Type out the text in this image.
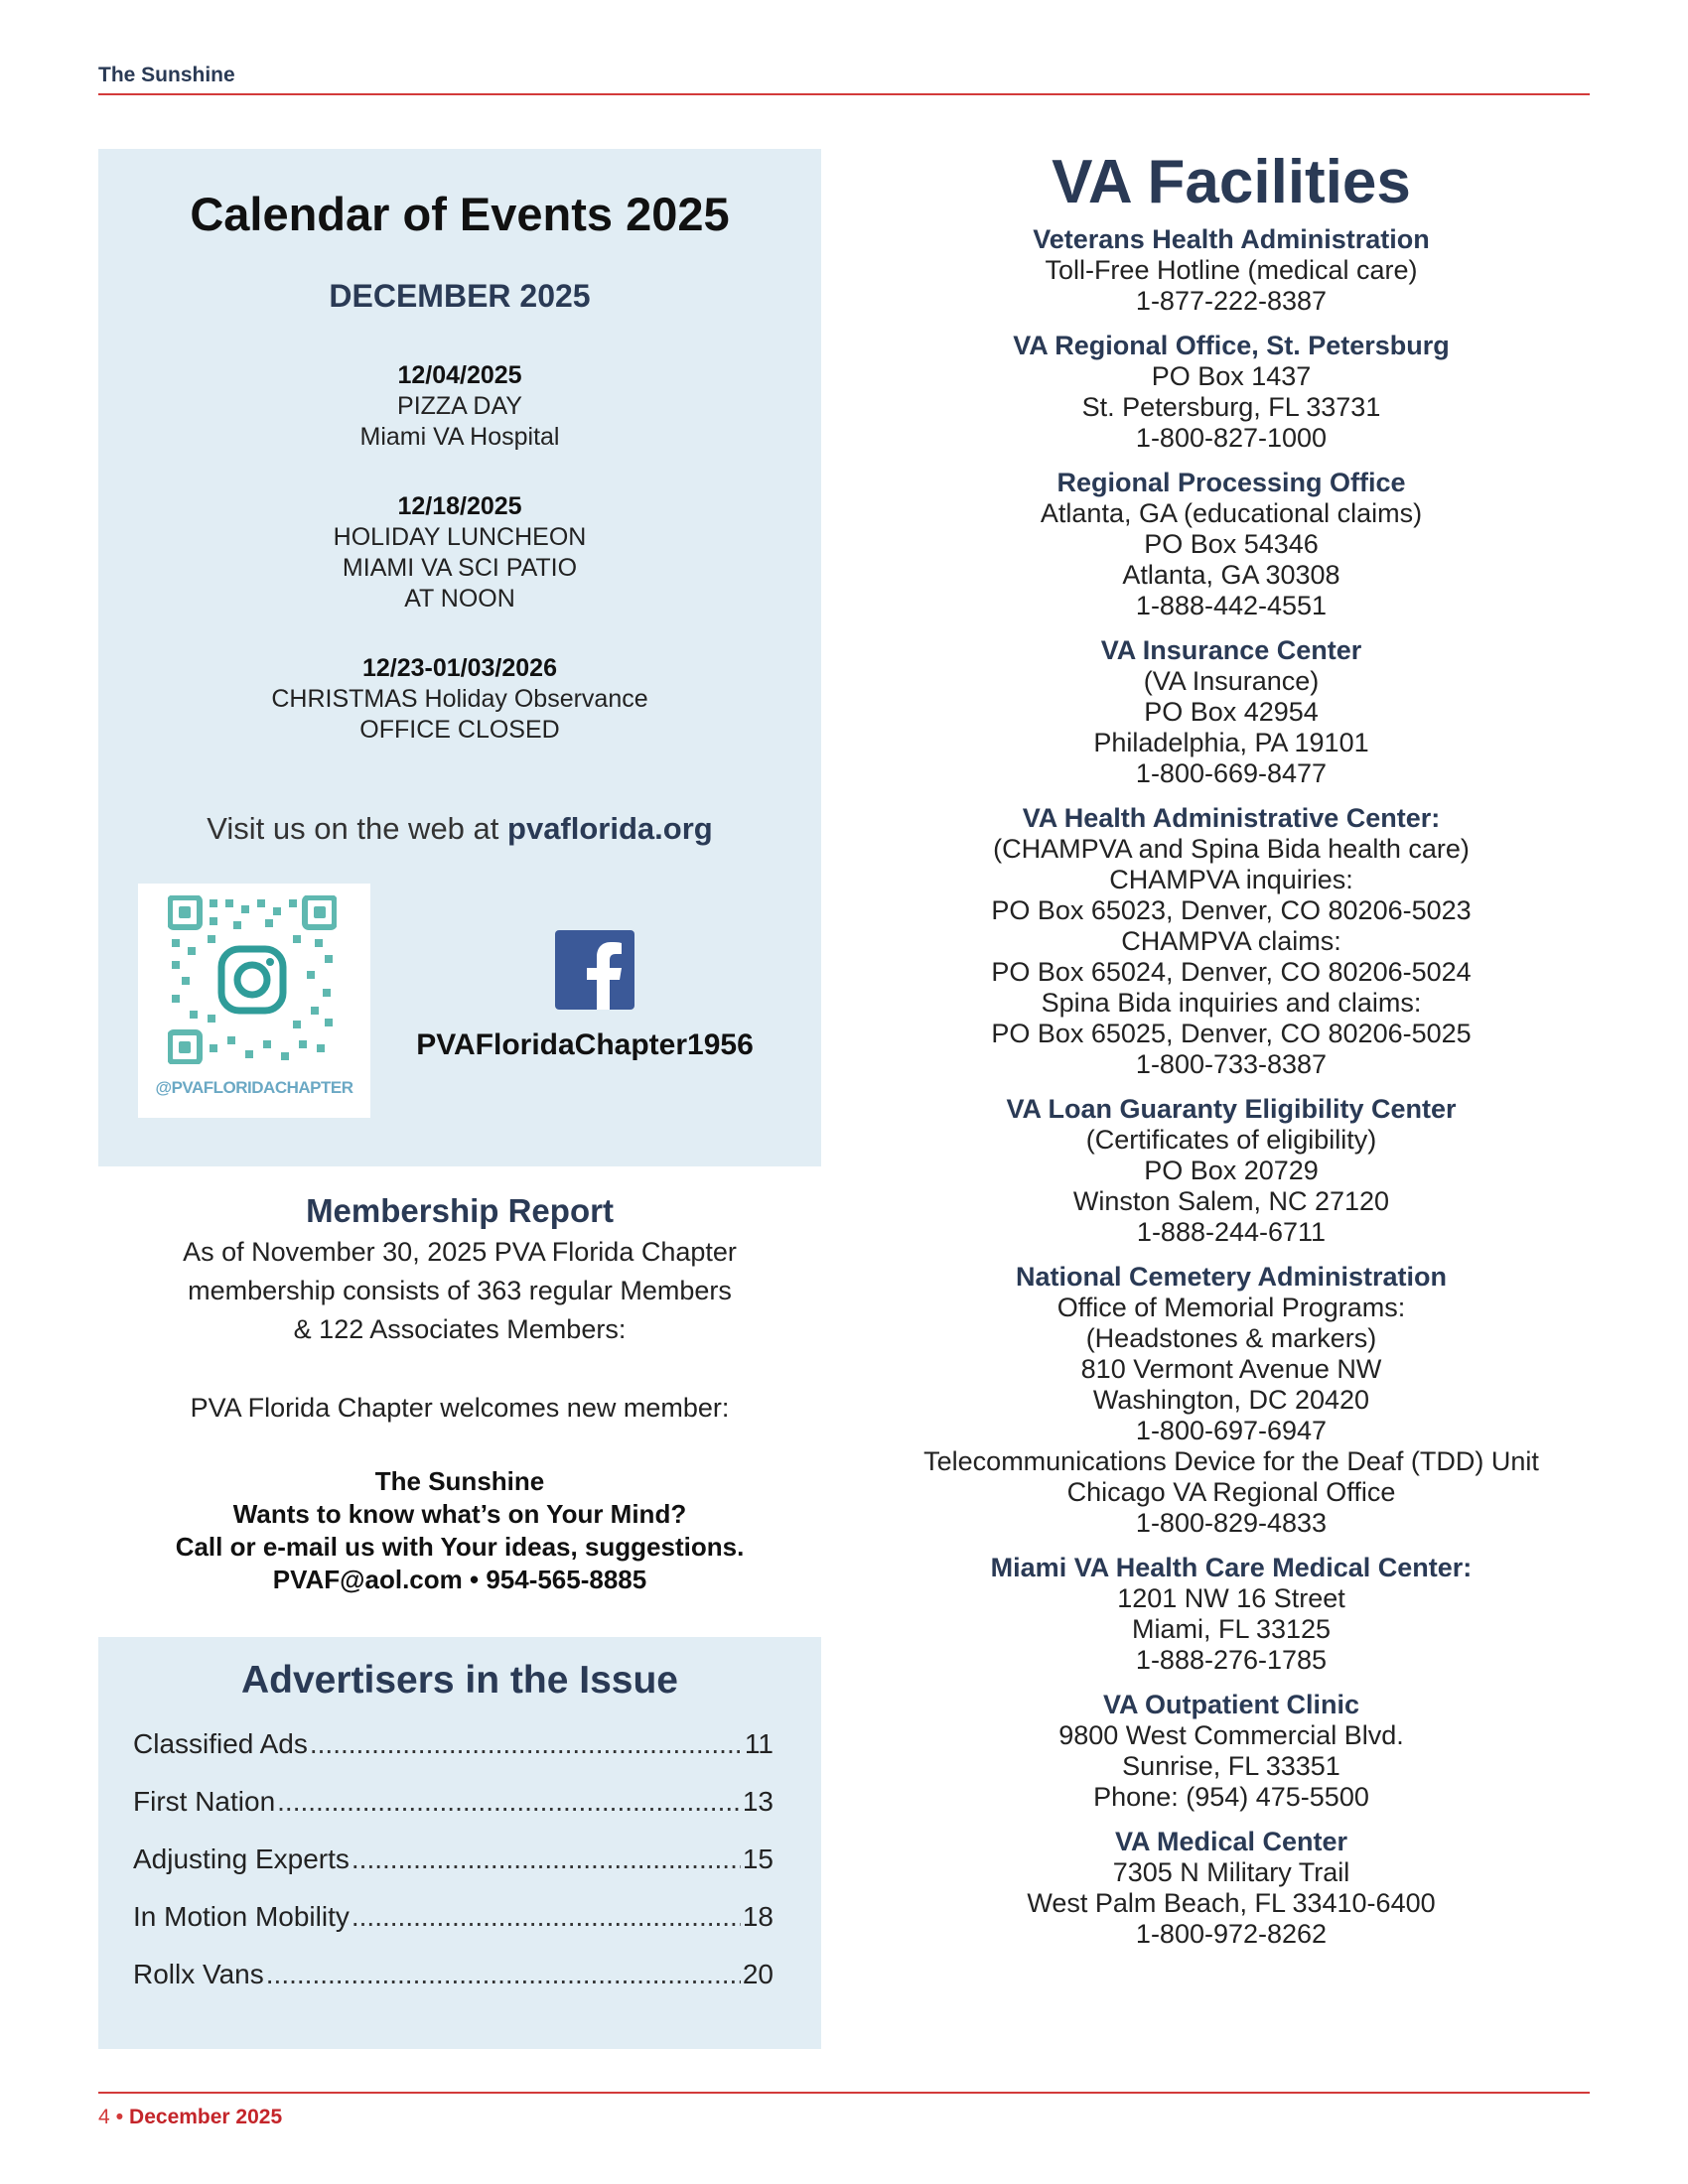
The Sunshine
Calendar of Events 2025
DECEMBER 2025
12/04/2025
PIZZA DAY
Miami VA Hospital
12/18/2025
HOLIDAY LUNCHEON
MIAMI VA SCI PATIO
AT NOON
12/23-01/03/2026
CHRISTMAS Holiday Observance
OFFICE CLOSED
Visit us on the web at pvaflorida.org
@PVAFLORIDACHAPTER
PVAFloridaChapter1956
Membership Report
As of November 30, 2025 PVA Florida Chapter
membership consists of 363 regular Members
& 122 Associates Members:
PVA Florida Chapter welcomes new member:
The Sunshine
Wants to know what’s on Your Mind?
Call or e-mail us with Your ideas, suggestions.
PVAF@aol.com • 954-565-8885
Advertisers in the Issue
Classified Ads .....	11
First Nation .....	13
Adjusting Experts .....	15
In Motion Mobility .....	18
Rollx Vans .....	20
VA Facilities
Veterans Health Administration
Toll-Free Hotline (medical care)
1-877-222-8387
VA Regional Office, St. Petersburg
PO Box 1437
St. Petersburg, FL 33731
1-800-827-1000
Regional Processing Office
Atlanta, GA (educational claims)
PO Box 54346
Atlanta, GA 30308
1-888-442-4551
VA Insurance Center
(VA Insurance)
PO Box 42954
Philadelphia, PA 19101
1-800-669-8477
VA Health Administrative Center:
(CHAMPVA and Spina Bida health care)
CHAMPVA inquiries:
PO Box 65023, Denver, CO 80206-5023
CHAMPVA claims:
PO Box 65024, Denver, CO 80206-5024
Spina Bida inquiries and claims:
PO Box 65025, Denver, CO 80206-5025
1-800-733-8387
VA Loan Guaranty Eligibility Center
(Certificates of eligibility)
PO Box 20729
Winston Salem, NC 27120
1-888-244-6711
National Cemetery Administration
Office of Memorial Programs:
(Headstones & markers)
810 Vermont Avenue NW
Washington, DC 20420
1-800-697-6947
Telecommunications Device for the Deaf (TDD) Unit
Chicago VA Regional Office
1-800-829-4833
Miami VA Health Care Medical Center:
1201 NW 16 Street
Miami, FL 33125
1-888-276-1785
VA Outpatient Clinic
9800 West Commercial Blvd.
Sunrise, FL 33351
Phone: (954) 475-5500
VA Medical Center
7305 N Military Trail
West Palm Beach, FL 33410-6400
1-800-972-8262
4 • December 2025
